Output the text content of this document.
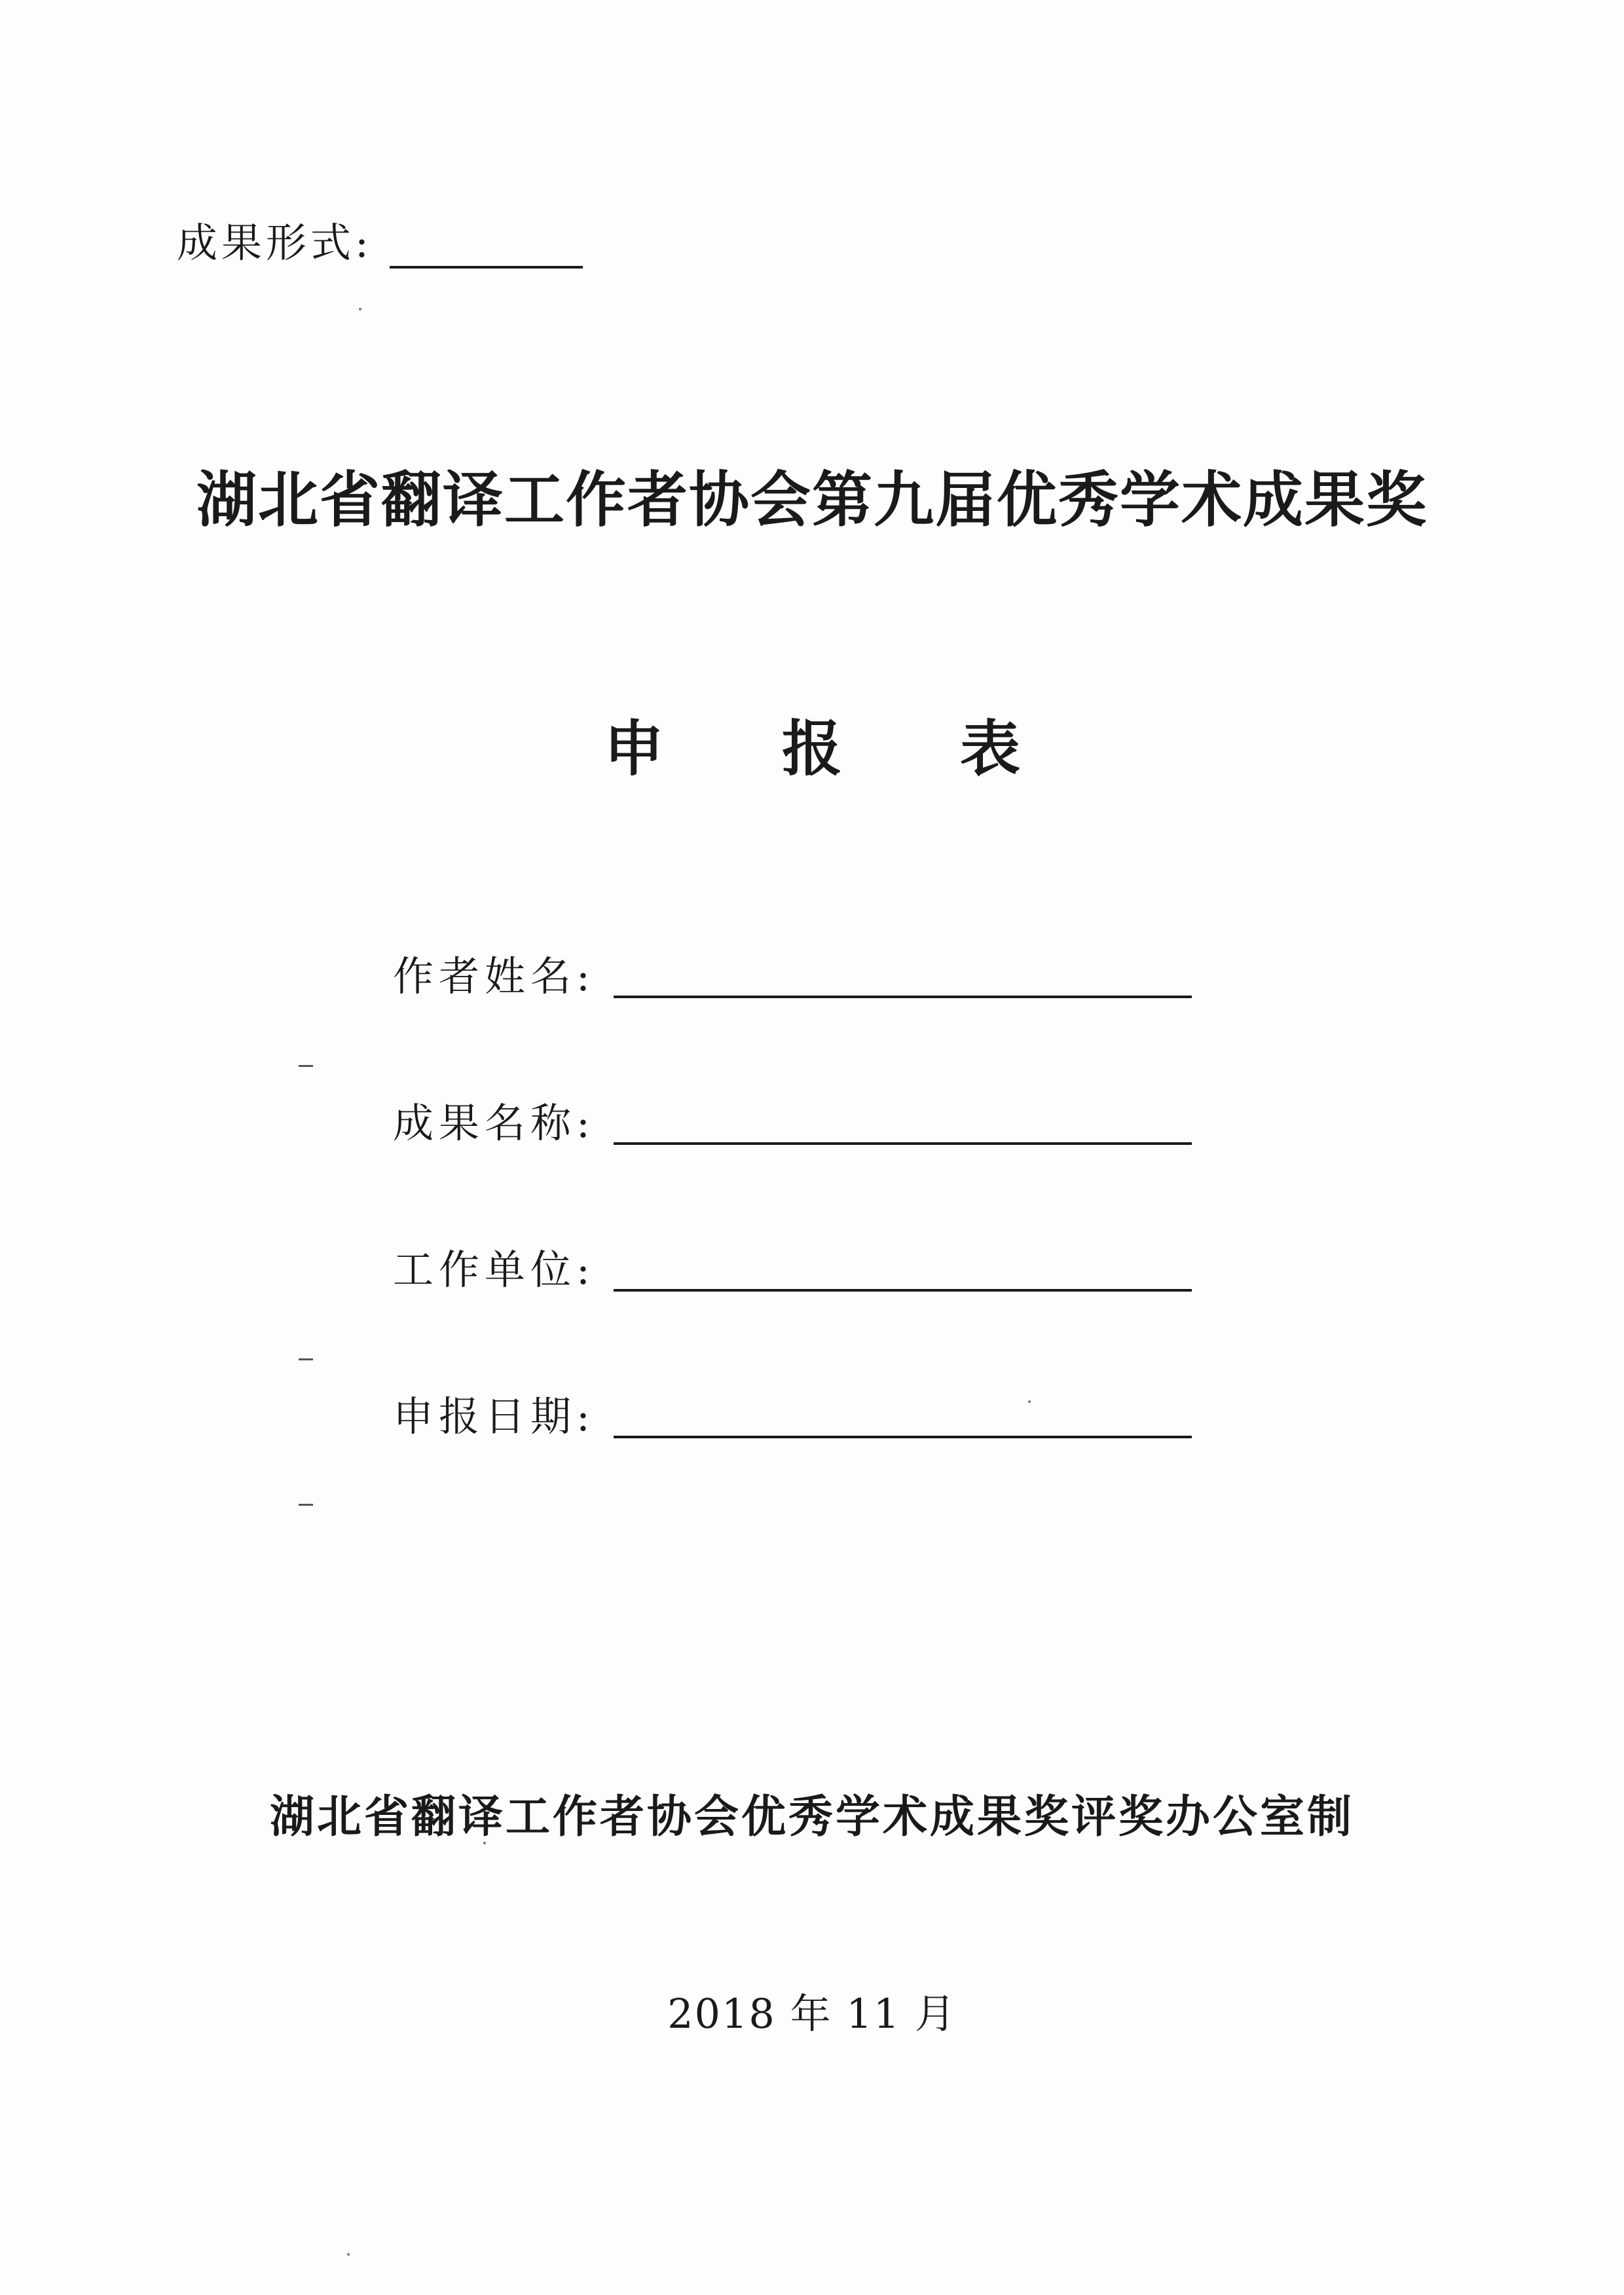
成果形式:
湖北省翻译工作者协会第九届优秀学术成果奖
申报表
作者姓名:
成果名称:
工作单位:
申报日期:
湖北省翻译工作者协会优秀学术成果奖评奖办公室制
2018 年 11 月
